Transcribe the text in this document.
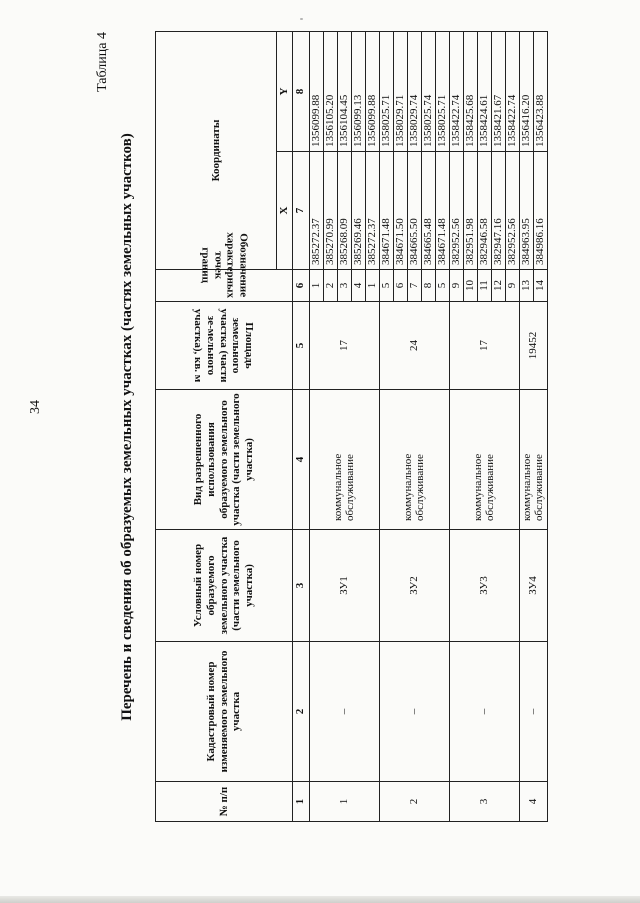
34
Таблица 4
Перечень и сведения об образуемых земельных участках (частях земельных участков)
№ п/п	Кадастровый номер изменяемого земельного участка	Условный номер образуемого земельного участка (части земельного участка)	Вид разрешенного использования образуемого земельного участка (части земельного участка)	Площадь земельного участка (части зе-мельного участка), кв. м	Обозначение характерных точек границ	Координаты	
						X	Y
1	2	3	4	5	6	7	8
1	–	ЗУ1	коммунальное обслуживание	17	1	385272.37	1356099.88
					2	385270.99	1356105.20
					3	385268.09	1356104.45
					4	385269.46	1356099.13
					1	385272.37	1356099.88
2	–	ЗУ2	коммунальное обслуживание	24	5	384671.48	1358025.71
					6	384671.50	1358029.71
					7	384665.50	1358029.74
					8	384665.48	1358025.74
					5	384671.48	1358025.71
3	–	ЗУ3	коммунальное обслуживание	17	9	382952.56	1358422.74
					10	382951.98	1358425.68
					11	382946.58	1358424.61
					12	382947.16	1358421.67
					9	382952.56	1358422.74
4	–	ЗУ4	коммунальное обслуживание	19452	13	384963.95	1356416.20
					14	384986.16	1356423.88
